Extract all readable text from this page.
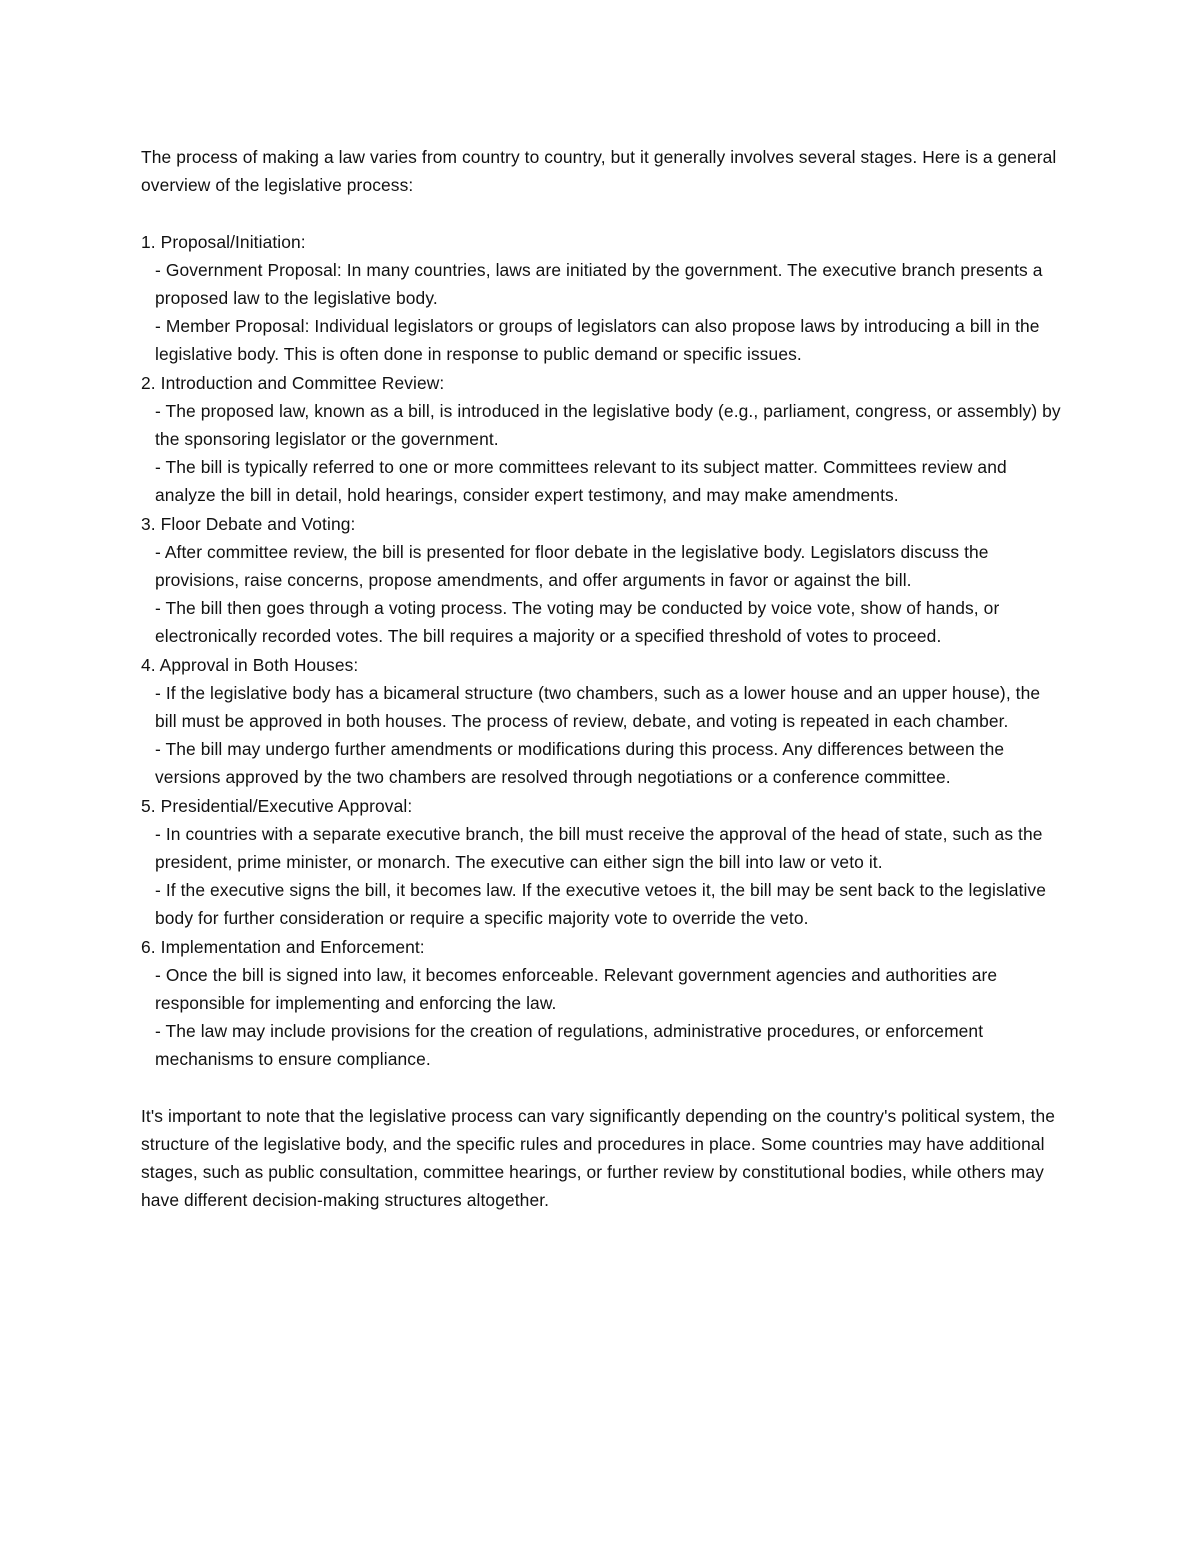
The process of making a law varies from country to country, but it generally involves several stages. Here is a general overview of the legislative process:

1. Proposal/Initiation:

- Government Proposal: In many countries, laws are initiated by the government. The executive branch presents a proposed law to the legislative body.

- Member Proposal: Individual legislators or groups of legislators can also propose laws by introducing a bill in the legislative body. This is often done in response to public demand or specific issues.

2. Introduction and Committee Review:

- The proposed law, known as a bill, is introduced in the legislative body (e.g., parliament, congress, or assembly) by the sponsoring legislator or the government.

- The bill is typically referred to one or more committees relevant to its subject matter. Committees review and analyze the bill in detail, hold hearings, consider expert testimony, and may make amendments.

3. Floor Debate and Voting:

- After committee review, the bill is presented for floor debate in the legislative body. Legislators discuss the provisions, raise concerns, propose amendments, and offer arguments in favor or against the bill.

- The bill then goes through a voting process. The voting may be conducted by voice vote, show of hands, or electronically recorded votes. The bill requires a majority or a specified threshold of votes to proceed.

4. Approval in Both Houses:

- If the legislative body has a bicameral structure (two chambers, such as a lower house and an upper house), the bill must be approved in both houses. The process of review, debate, and voting is repeated in each chamber.

- The bill may undergo further amendments or modifications during this process. Any differences between the versions approved by the two chambers are resolved through negotiations or a conference committee.

5. Presidential/Executive Approval:

- In countries with a separate executive branch, the bill must receive the approval of the head of state, such as the president, prime minister, or monarch. The executive can either sign the bill into law or veto it.

- If the executive signs the bill, it becomes law. If the executive vetoes it, the bill may be sent back to the legislative body for further consideration or require a specific majority vote to override the veto.

6. Implementation and Enforcement:

- Once the bill is signed into law, it becomes enforceable. Relevant government agencies and authorities are responsible for implementing and enforcing the law.

- The law may include provisions for the creation of regulations, administrative procedures, or enforcement mechanisms to ensure compliance.

It's important to note that the legislative process can vary significantly depending on the country's political system, the structure of the legislative body, and the specific rules and procedures in place. Some countries may have additional stages, such as public consultation, committee hearings, or further review by constitutional bodies, while others may have different decision-making structures altogether.
